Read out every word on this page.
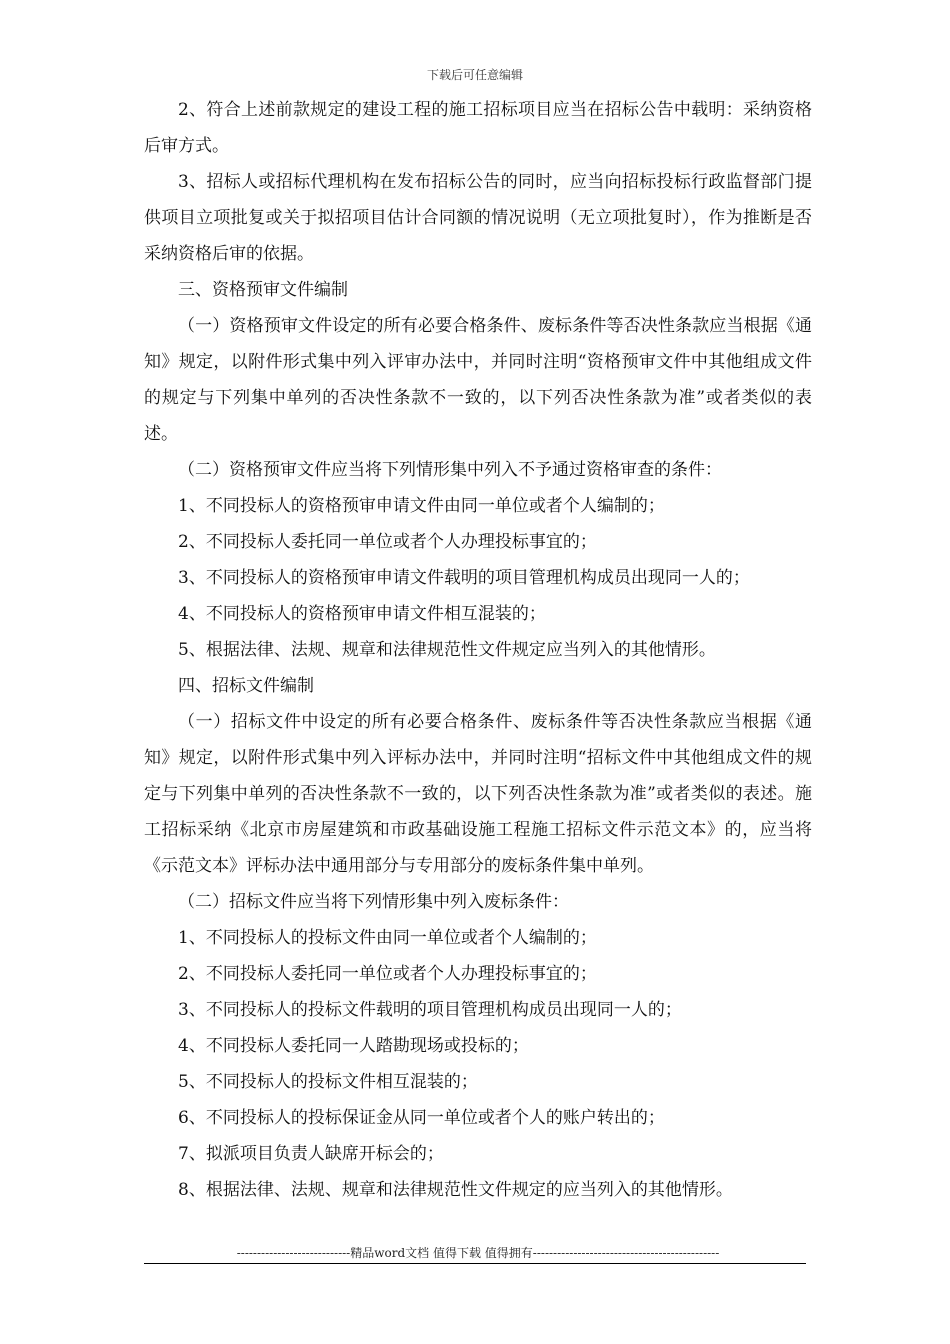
下载后可任意编辑

2、符合上述前款规定的建设工程的施工招标项目应当在招标公告中载明：采纳资格后审方式。

3、招标人或招标代理机构在发布招标公告的同时，应当向招标投标行政监督部门提供项目立项批复或关于拟招项目估计合同额的情况说明（无立项批复时），作为推断是否采纳资格后审的依据。

三、资格预审文件编制

（一）资格预审文件设定的所有必要合格条件、废标条件等否决性条款应当根据《通知》规定，以附件形式集中列入评审办法中，并同时注明“资格预审文件中其他组成文件的规定与下列集中单列的否决性条款不一致的，以下列否决性条款为准”或者类似的表述。

（二）资格预审文件应当将下列情形集中列入不予通过资格审查的条件：

1、不同投标人的资格预审申请文件由同一单位或者个人编制的；

2、不同投标人委托同一单位或者个人办理投标事宜的；

3、不同投标人的资格预审申请文件载明的项目管理机构成员出现同一人的；

4、不同投标人的资格预审申请文件相互混装的；

5、根据法律、法规、规章和法律规范性文件规定应当列入的其他情形。

四、招标文件编制

（一）招标文件中设定的所有必要合格条件、废标条件等否决性条款应当根据《通知》规定，以附件形式集中列入评标办法中，并同时注明“招标文件中其他组成文件的规定与下列集中单列的否决性条款不一致的，以下列否决性条款为准”或者类似的表述。施工招标采纳《北京市房屋建筑和市政基础设施工程施工招标文件示范文本》的，应当将《示范文本》评标办法中通用部分与专用部分的废标条件集中单列。

（二）招标文件应当将下列情形集中列入废标条件：

1、不同投标人的投标文件由同一单位或者个人编制的；

2、不同投标人委托同一单位或者个人办理投标事宜的；

3、不同投标人的投标文件载明的项目管理机构成员出现同一人的；

4、不同投标人委托同一人踏勘现场或投标的；

5、不同投标人的投标文件相互混装的；

6、不同投标人的投标保证金从同一单位或者个人的账户转出的；

7、拟派项目负责人缺席开标会的；

8、根据法律、法规、规章和法律规范性文件规定的应当列入的其他情形。

----------------------------精品word文档 值得下载 值得拥有----------------------------------------------
